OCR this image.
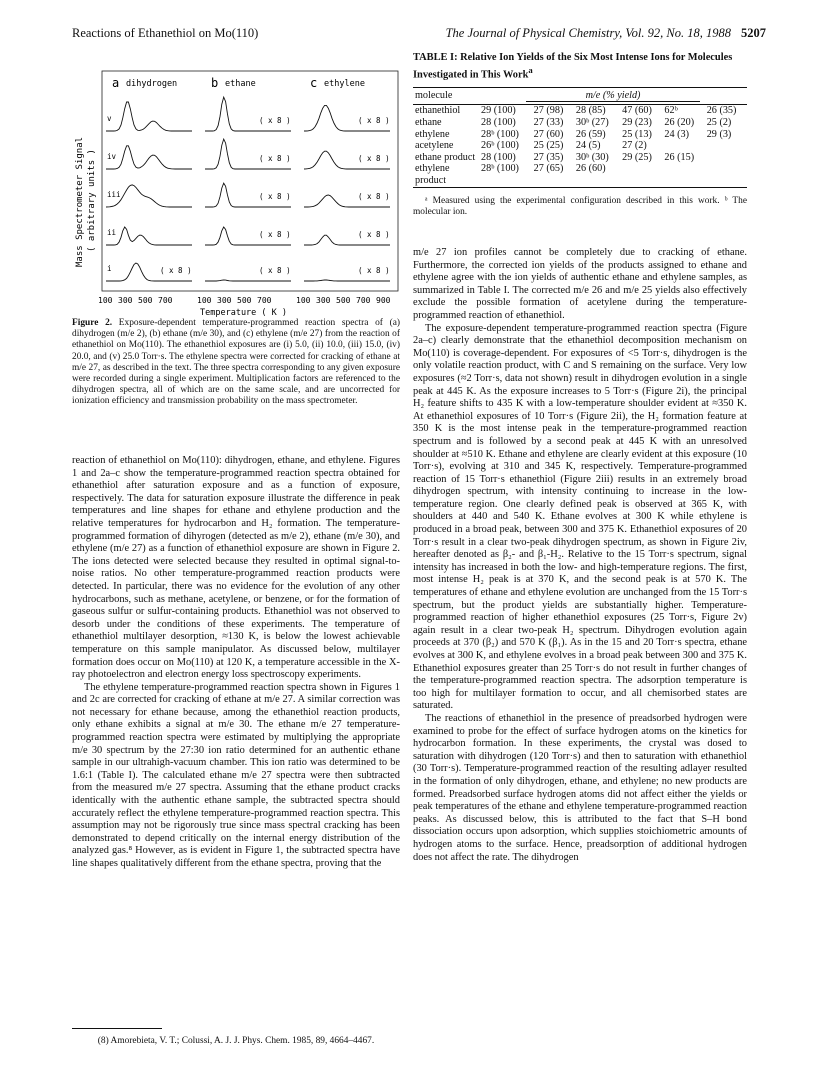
Reactions of Ethanethiol on Mo(110)	The Journal of Physical Chemistry, Vol. 92, No. 18, 1988 5207
a dihydrogen	b ethane	c ethylene
Mass Spectrometer Signal ( arbitrary units )
( x 8 )
( x 8 )
( x 8 )
( x 8 )
( x 8 )
( x 8 )
( x 8 )
( x 8 )
( x 8 )
( x 8 )
( x 8 )
v
iv
iii
ii
i
100 300 500 700	100 300 500 700	100 300 500 700 900
Temperature ( K )
Figure 2. Exposure-dependent temperature-programmed reaction spectra of (a) dihydrogen (m/e 2), (b) ethane (m/e 30), and (c) ethylene (m/e 27) from the reaction of ethanethiol on Mo(110). The ethanethiol exposures are (i) 5.0, (ii) 10.0, (iii) 15.0, (iv) 20.0, and (v) 25.0 Torr·s. The ethylene spectra were corrected for cracking of ethane at m/e 27, as described in the text. The three spectra corresponding to any given exposure were recorded during a single experiment. Multiplication factors are referenced to the dihydrogen spectra, all of which are on the same scale, and are uncorrected for ionization efficiency and transmission probability on the mass spectrometer.

reaction of ethanethiol on Mo(110): dihydrogen, ethane, and ethylene. Figures 1 and 2a–c show the temperature-programmed reaction spectra obtained for ethanethiol after saturation exposure and as a function of exposure, respectively. The data for saturation exposure illustrate the difference in peak temperatures and line shapes for ethane and ethylene production and the relative temperatures for hydrocarbon and H₂ formation. The temperature-programmed formation of dihyrogen (detected as m/e 2), ethane (m/e 30), and ethylene (m/e 27) as a function of ethanethiol exposure are shown in Figure 2. The ions detected were selected because they resulted in optimal signal-to-noise ratios. No other temperature-programmed reaction products were detected. In particular, there was no evidence for the evolution of any other hydrocarbons, such as methane, acetylene, or benzene, or for the formation of gaseous sulfur or sulfur-containing products. Ethanethiol was not observed to desorb under the conditions of these experiments. The temperature of ethanethiol multilayer desorption, ≈130 K, is below the lowest achievable temperature on this sample manipulator. As discussed below, multilayer formation does occur on Mo(110) at 120 K, a temperature accessible in the X-ray photoelectron and electron energy loss spectroscopy experiments.

The ethylene temperature-programmed reaction spectra shown in Figures 1 and 2c are corrected for cracking of ethane at m/e 27. A similar correction was not necessary for ethane because, among the ethanethiol reaction products, only ethane exhibits a signal at m/e 30. The ethane m/e 27 temperature-programmed reaction spectra were estimated by multiplying the appropriate m/e 30 spectrum by the 27:30 ion ratio determined for an authentic ethane sample in our ultrahigh-vacuum chamber. This ion ratio was determined to be 1.6:1 (Table I). The calculated ethane m/e 27 spectra were then subtracted from the measured m/e 27 spectra. Assuming that the ethane product cracks identically with the authentic ethane sample, the subtracted spectra should accurately reflect the ethylene temperature-programmed reaction spectra. This assumption may not be rigorously true since mass spectral cracking has been demonstrated to depend critically on the internal energy distribution of the analyzed gas.⁸ However, as is evident in Figure 1, the subtracted spectra have line shapes qualitatively different from the ethane spectra, proving that the

(8) Amorebieta, V. T.; Colussi, A. J. J. Phys. Chem. 1985, 89, 4664–4467.
TABLE I: Relative Ion Yields of the Six Most Intense Ions for Molecules Investigated in This Work$^a$
molecule	m/e (% yield)					

ethanethiol	29 (100)	27 (98)	28 (85)	47 (60)	62ᵇ	26 (35)
ethane	28 (100)	27 (33)	30ᵇ (27)	29 (23)	26 (20)	25 (2)
ethylene	28ᵇ (100)	27 (60)	26 (59)	25 (13)	24 (3)	29 (3)
acetylene	26ᵇ (100)	25 (25)	24 (5)	27 (2)		
ethane product	28 (100)	27 (35)	30ᵇ (30)	29 (25)	26 (15)	
ethylene product	28ᵇ (100)	27 (65)	26 (60)			
ᵃ Measured using the experimental configuration described in this work. ᵇ The molecular ion.

m/e 27 ion profiles cannot be completely due to cracking of ethane. Furthermore, the corrected ion yields of the products assigned to ethane and ethylene agree with the ion yields of authentic ethane and ethylene samples, as summarized in Table I. The corrected m/e 26 and m/e 25 yields also effectively exclude the possible formation of acetylene during the temperature-programmed reaction of ethanethiol.

The exposure-dependent temperature-programmed reaction spectra (Figure 2a–c) clearly demonstrate that the ethanethiol decomposition mechanism on Mo(110) is coverage-dependent. For exposures of <5 Torr·s, dihydrogen is the only volatile reaction product, with C and S remaining on the surface. Very low exposures (≈2 Torr·s, data not shown) result in dihydrogen evolution in a single peak at 445 K. As the exposure increases to 5 Torr·s (Figure 2i), the principal H₂ feature shifts to 435 K with a low-temperature shoulder evident at ≈350 K. At ethanethiol exposures of 10 Torr·s (Figure 2ii), the H₂ formation feature at 350 K is the most intense peak in the temperature-programmed reaction spectrum and is followed by a second peak at 445 K with an unresolved shoulder at ≈510 K. Ethane and ethylene are clearly evident at this exposure (10 Torr·s), evolving at 310 and 345 K, respectively. Temperature-programmed reaction of 15 Torr·s ethanethiol (Figure 2iii) results in an extremely broad dihydrogen spectrum, with intensity continuing to increase in the low-temperature region. One clearly defined peak is observed at 365 K, with shoulders at 440 and 540 K. Ethane evolves at 300 K while ethylene is produced in a broad peak, between 300 and 375 K. Ethanethiol exposures of 20 Torr·s result in a clear two-peak dihydrogen spectrum, as shown in Figure 2iv, hereafter denoted as β₂- and β₁-H₂. Relative to the 15 Torr·s spectrum, signal intensity has increased in both the low- and high-temperature regions. The first, most intense H₂ peak is at 370 K, and the second peak is at 570 K. The temperatures of ethane and ethylene evolution are unchanged from the 15 Torr·s spectrum, but the product yields are substantially higher. Temperature-programmed reaction of higher ethanethiol exposures (25 Torr·s, Figure 2v) again result in a clear two-peak H₂ spectrum. Dihydrogen evolution again proceeds at 370 (β₂) and 570 K (β₁). As in the 15 and 20 Torr·s spectra, ethane evolves at 300 K, and ethylene evolves in a broad peak between 300 and 375 K. Ethanethiol exposures greater than 25 Torr·s do not result in further changes of the temperature-programmed reaction spectra. The adsorption temperature is too high for multilayer formation to occur, and all chemisorbed states are saturated.

The reactions of ethanethiol in the presence of preadsorbed hydrogen were examined to probe for the effect of surface hydrogen atoms on the kinetics for hydrocarbon formation. In these experiments, the crystal was dosed to saturation with dihydrogen (120 Torr·s) and then to saturation with ethanethiol (30 Torr·s). Temperature-programmed reaction of the resulting adlayer resulted in the formation of only dihydrogen, ethane, and ethylene; no new products are formed. Preadsorbed surface hydrogen atoms did not affect either the yields or peak temperatures of the ethane and ethylene temperature-programmed reaction peaks. As discussed below, this is attributed to the fact that S–H bond dissociation occurs upon adsorption, which supplies stoichiometric amounts of hydrogen atoms to the surface. Hence, preadsorption of additional hydrogen does not affect the rate. The dihydrogen
